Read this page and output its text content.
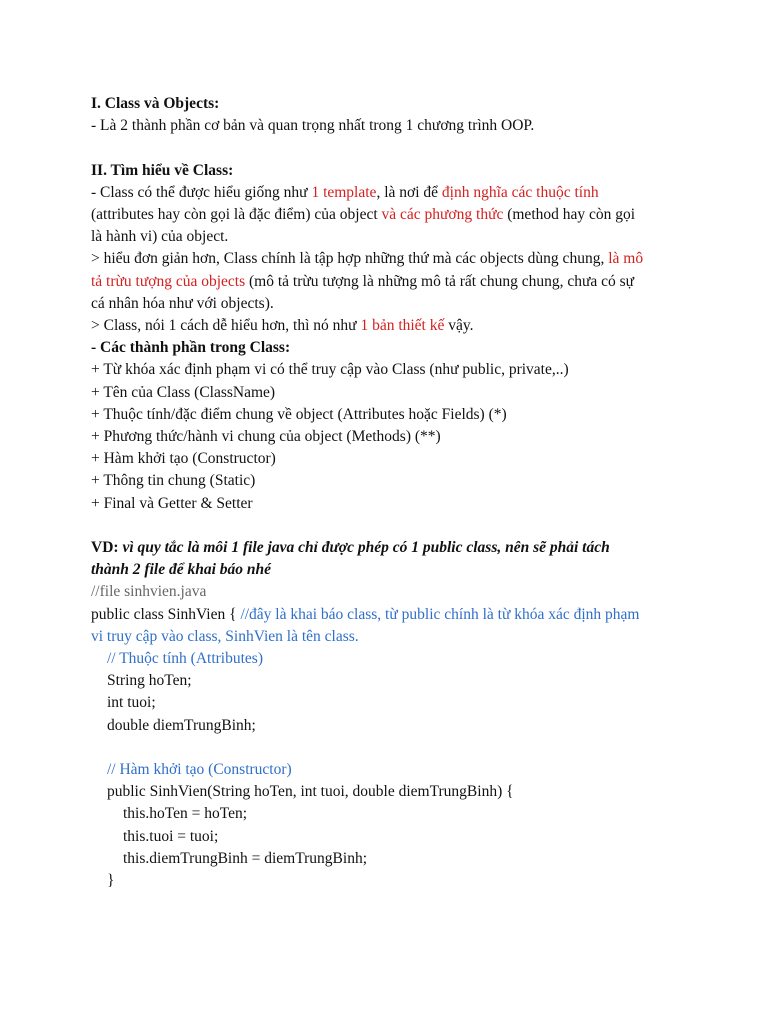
I. Class và Objects:
- Là 2 thành phần cơ bản và quan trọng nhất trong 1 chương trình OOP.
II. Tìm hiểu về Class:
- Class có thể được hiểu giống như 1 template, là nơi để định nghĩa các thuộc tính
(attributes hay còn gọi là đặc điểm) của object và các phương thức (method hay còn gọi
là hành vi) của object.
> hiểu đơn giản hơn, Class chính là tập hợp những thứ mà các objects dùng chung, là mô
tả trừu tượng của objects (mô tả trừu tượng là những mô tả rất chung chung, chưa có sự
cá nhân hóa như với objects).
> Class, nói 1 cách dễ hiểu hơn, thì nó như 1 bản thiết kế vậy.
- Các thành phần trong Class:
+ Từ khóa xác định phạm vi có thể truy cập vào Class (như public, private,..)
+ Tên của Class (ClassName)
+ Thuộc tính/đặc điểm chung về object (Attributes hoặc Fields) (*)
+ Phương thức/hành vi chung của object (Methods) (**)
+ Hàm khởi tạo (Constructor)
+ Thông tin chung (Static)
+ Final và Getter & Setter
VD: vì quy tắc là môi 1 file java chỉ được phép có 1 public class, nên sẽ phải tách
thành 2 file để khai báo nhé
//file sinhvien.java
public class SinhVien { //đây là khai báo class, từ public chính là từ khóa xác định phạm
vi truy cập vào class, SinhVien là tên class.
// Thuộc tính (Attributes)
String hoTen;
int tuoi;
double diemTrungBinh;
// Hàm khởi tạo (Constructor)
public SinhVien(String hoTen, int tuoi, double diemTrungBinh) {
this.hoTen = hoTen;
this.tuoi = tuoi;
this.diemTrungBinh = diemTrungBinh;
}
